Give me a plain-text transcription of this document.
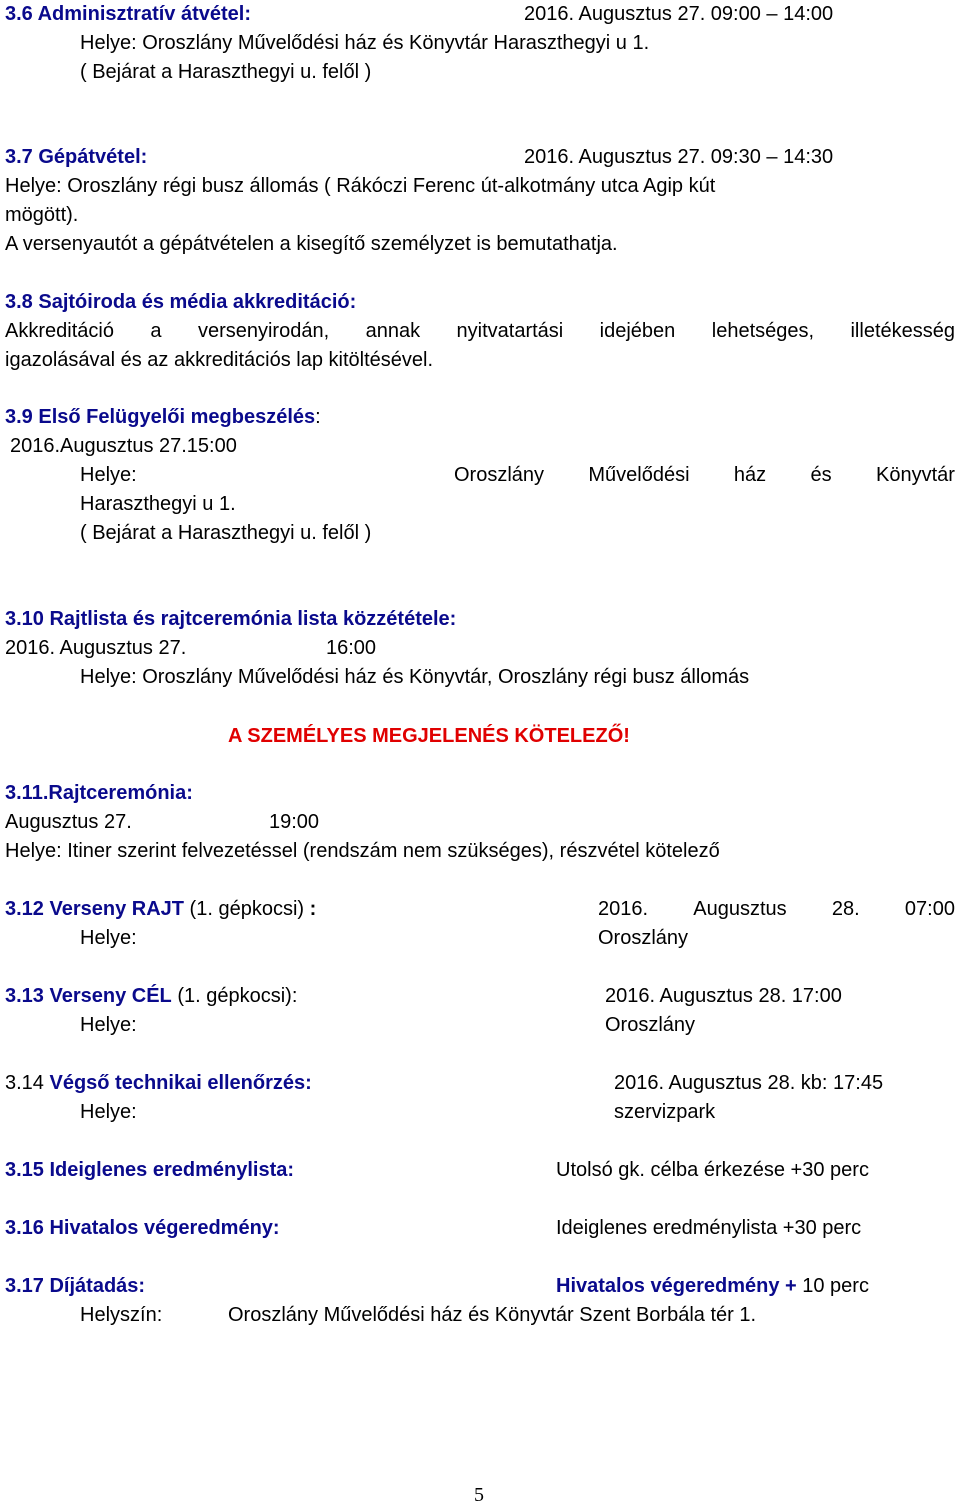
3.6 Adminisztratív átvétel:	2016. Augusztus 27. 09:00 – 14:00
Helye: Oroszlány Művelődési ház és Könyvtár Haraszthegyi u 1.
( Bejárat a Haraszthegyi u. felől )
3.7 Gépátvétel:	2016. Augusztus 27. 09:30 – 14:30
Helye: Oroszlány régi busz állomás ( Rákóczi Ferenc út-alkotmány utca Agip kút
mögött).
A versenyautót a gépátvételen a kisegítő személyzet is bemutathatja.
3.8 Sajtóiroda és média akkreditáció:
Akkreditáció a versenyirodán, annak nyitvatartási idejében lehetséges, illetékesség
igazolásával és az akkreditációs lap kitöltésével.
3.9 Első Felügyelői megbeszélés:
2016.Augusztus 27.15:00
Helye:	Oroszlány Művelődési ház és Könyvtár
Haraszthegyi u 1.
( Bejárat a Haraszthegyi u. felől )
3.10 Rajtlista és rajtceremónia lista közzététele:
2016. Augusztus 27.	16:00
Helye: Oroszlány Művelődési ház és Könyvtár, Oroszlány régi busz állomás
A SZEMÉLYES MEGJELENÉS KÖTELEZŐ!
3.11.Rajtceremónia:
Augusztus 27.	19:00
Helye: Itiner szerint felvezetéssel (rendszám nem szükséges), részvétel kötelező
3.12 Verseny RAJT (1. gépkocsi) :	2016. Augusztus 28. 07:00
Helye:	Oroszlány
3.13 Verseny CÉL (1. gépkocsi):	2016. Augusztus 28. 17:00
Helye:	Oroszlány
3.14 Végső technikai ellenőrzés:	2016. Augusztus 28. kb: 17:45
Helye:	szervizpark
3.15 Ideiglenes eredménylista:	Utolsó gk. célba érkezése +30 perc
3.16 Hivatalos végeredmény:	Ideiglenes eredménylista +30 perc
3.17 Díjátadás:	Hivatalos végeredmény + 10 perc
Helyszín:	Oroszlány Művelődési ház és Könyvtár Szent Borbála tér 1.
5
